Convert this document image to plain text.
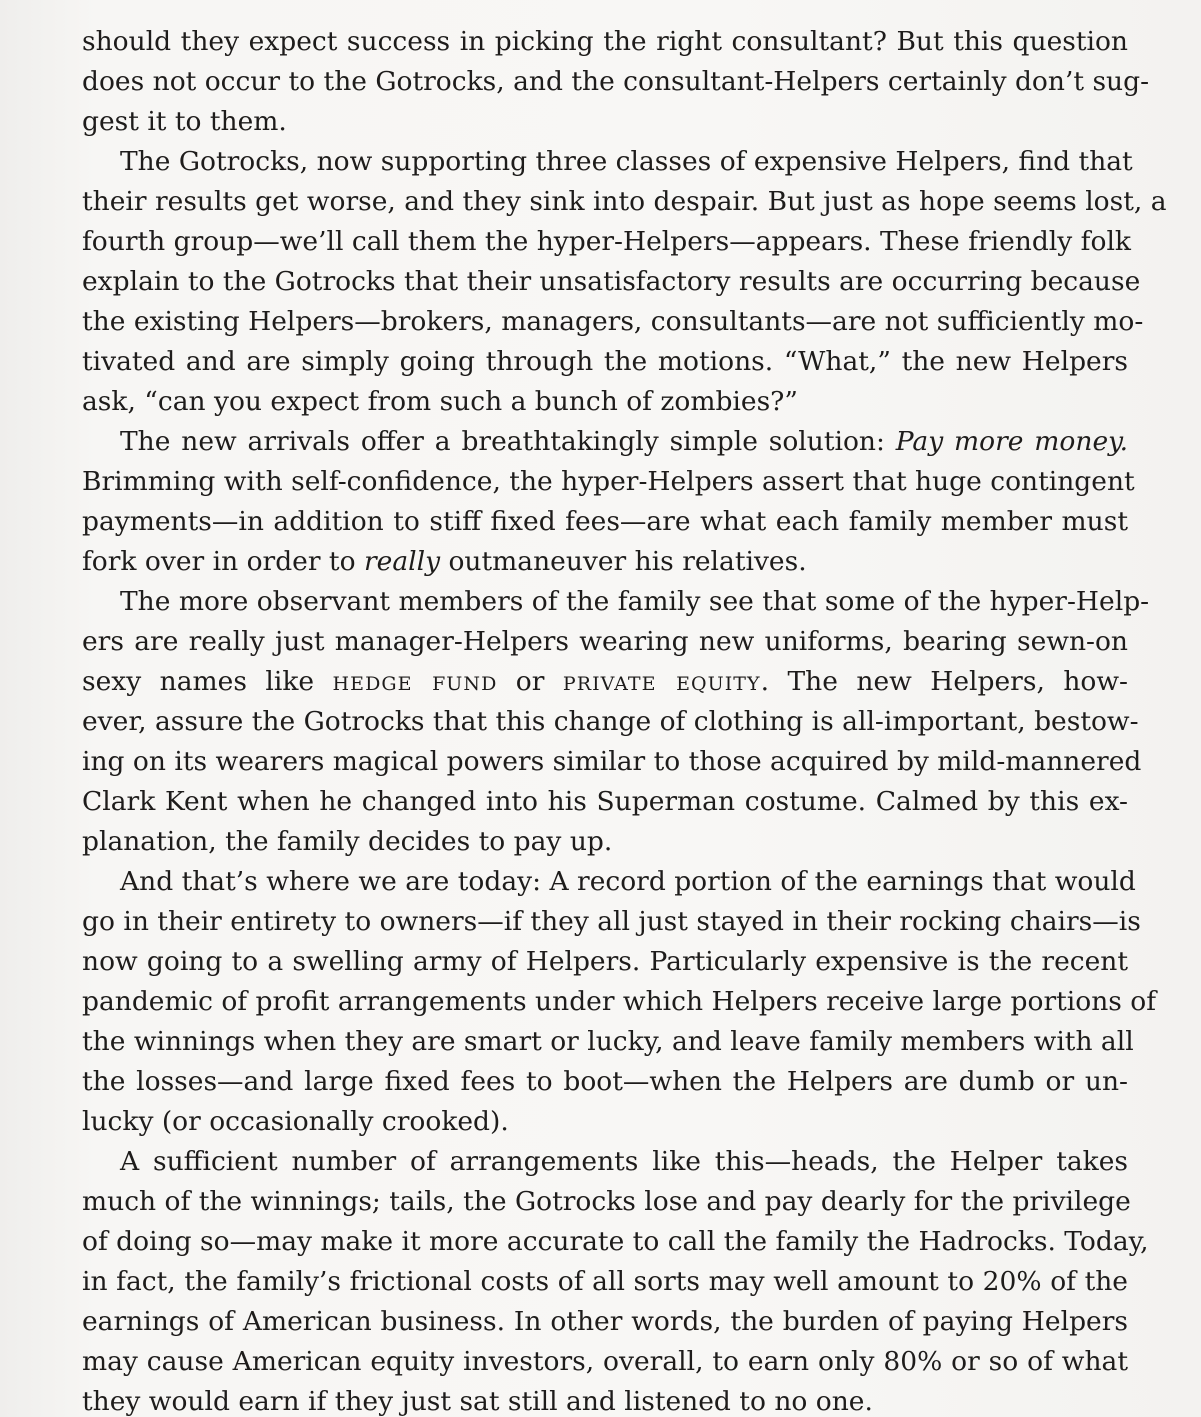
should they expect success in picking the right consultant? But this question
does not occur to the Gotrocks, and the consultant-Helpers certainly don’t sug-
gest it to them.
The Gotrocks, now supporting three classes of expensive Helpers, find that
their results get worse, and they sink into despair. But just as hope seems lost, a
fourth group—we’ll call them the hyper-Helpers—appears. These friendly folk
explain to the Gotrocks that their unsatisfactory results are occurring because
the existing Helpers—brokers, managers, consultants—are not sufficiently mo-
tivated and are simply going through the motions. “What,” the new Helpers
ask, “can you expect from such a bunch of zombies?”
The new arrivals offer a breathtakingly simple solution: Pay more money.
Brimming with self-confidence, the hyper-Helpers assert that huge contingent
payments—in addition to stiff fixed fees—are what each family member must
fork over in order to really outmaneuver his relatives.
The more observant members of the family see that some of the hyper-Help-
ers are really just manager-Helpers wearing new uniforms, bearing sewn-on
sexy names like hedge fund or private equity. The new Helpers, how-
ever, assure the Gotrocks that this change of clothing is all-important, bestow-
ing on its wearers magical powers similar to those acquired by mild-mannered
Clark Kent when he changed into his Superman costume. Calmed by this ex-
planation, the family decides to pay up.
And that’s where we are today: A record portion of the earnings that would
go in their entirety to owners—if they all just stayed in their rocking chairs—is
now going to a swelling army of Helpers. Particularly expensive is the recent
pandemic of profit arrangements under which Helpers receive large portions of
the winnings when they are smart or lucky, and leave family members with all
the losses—and large fixed fees to boot—when the Helpers are dumb or un-
lucky (or occasionally crooked).
A sufficient number of arrangements like this—heads, the Helper takes
much of the winnings; tails, the Gotrocks lose and pay dearly for the privilege
of doing so—may make it more accurate to call the family the Hadrocks. Today,
in fact, the family’s frictional costs of all sorts may well amount to 20% of the
earnings of American business. In other words, the burden of paying Helpers
may cause American equity investors, overall, to earn only 80% or so of what
they would earn if they just sat still and listened to no one.
